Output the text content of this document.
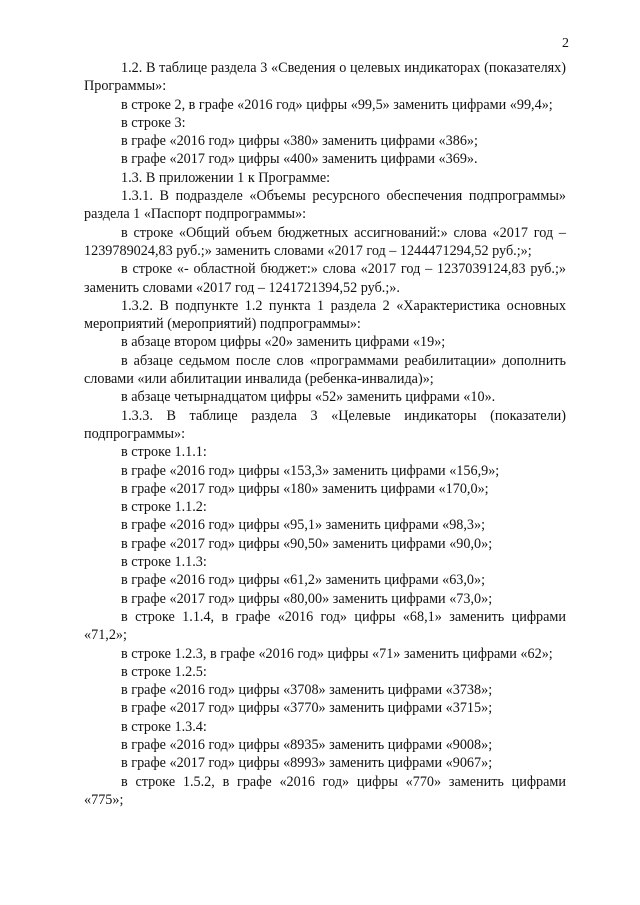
2

1.2. В таблице раздела 3 «Сведения о целевых индикаторах (показателях) Программы»:

в строке 2, в графе «2016 год» цифры «99,5» заменить цифрами «99,4»;

в строке 3:

в графе «2016 год» цифры «380» заменить цифрами «386»;

в графе «2017 год» цифры «400» заменить цифрами «369».

1.3. В приложении 1 к Программе:

1.3.1. В подразделе «Объемы ресурсного обеспечения подпрограммы» раздела 1 «Паспорт подпрограммы»:

в строке «Общий объем бюджетных ассигнований:» слова «2017 год – 1239789024,83 руб.;» заменить словами «2017 год – 1244471294,52 руб.;»;

в строке «- областной бюджет:» слова «2017 год – 1237039124,83 руб.;» заменить словами «2017 год – 1241721394,52 руб.;».

1.3.2. В подпункте 1.2 пункта 1 раздела 2 «Характеристика основных мероприятий (мероприятий) подпрограммы»:

в абзаце втором цифры «20» заменить цифрами «19»;

в абзаце седьмом после слов «программами реабилитации» дополнить словами «или абилитации инвалида (ребенка-инвалида)»;

в абзаце четырнадцатом цифры «52» заменить цифрами «10».

1.3.3. В таблице раздела 3 «Целевые индикаторы (показатели) подпрограммы»:

в строке 1.1.1:

в графе «2016 год» цифры «153,3» заменить цифрами «156,9»;

в графе «2017 год» цифры «180» заменить цифрами «170,0»;

в строке 1.1.2:

в графе «2016 год» цифры «95,1» заменить цифрами «98,3»;

в графе «2017 год» цифры «90,50» заменить цифрами «90,0»;

в строке 1.1.3:

в графе «2016 год» цифры «61,2» заменить цифрами «63,0»;

в графе «2017 год» цифры «80,00» заменить цифрами «73,0»;

в строке 1.1.4, в графе «2016 год» цифры «68,1» заменить цифрами «71,2»;

в строке 1.2.3, в графе «2016 год» цифры «71» заменить цифрами «62»;

в строке 1.2.5:

в графе «2016 год» цифры «3708» заменить цифрами «3738»;

в графе «2017 год» цифры «3770» заменить цифрами «3715»;

в строке 1.3.4:

в графе «2016 год» цифры «8935» заменить цифрами «9008»;

в графе «2017 год» цифры «8993» заменить цифрами «9067»;

в строке 1.5.2, в графе «2016 год» цифры «770» заменить цифрами «775»;
